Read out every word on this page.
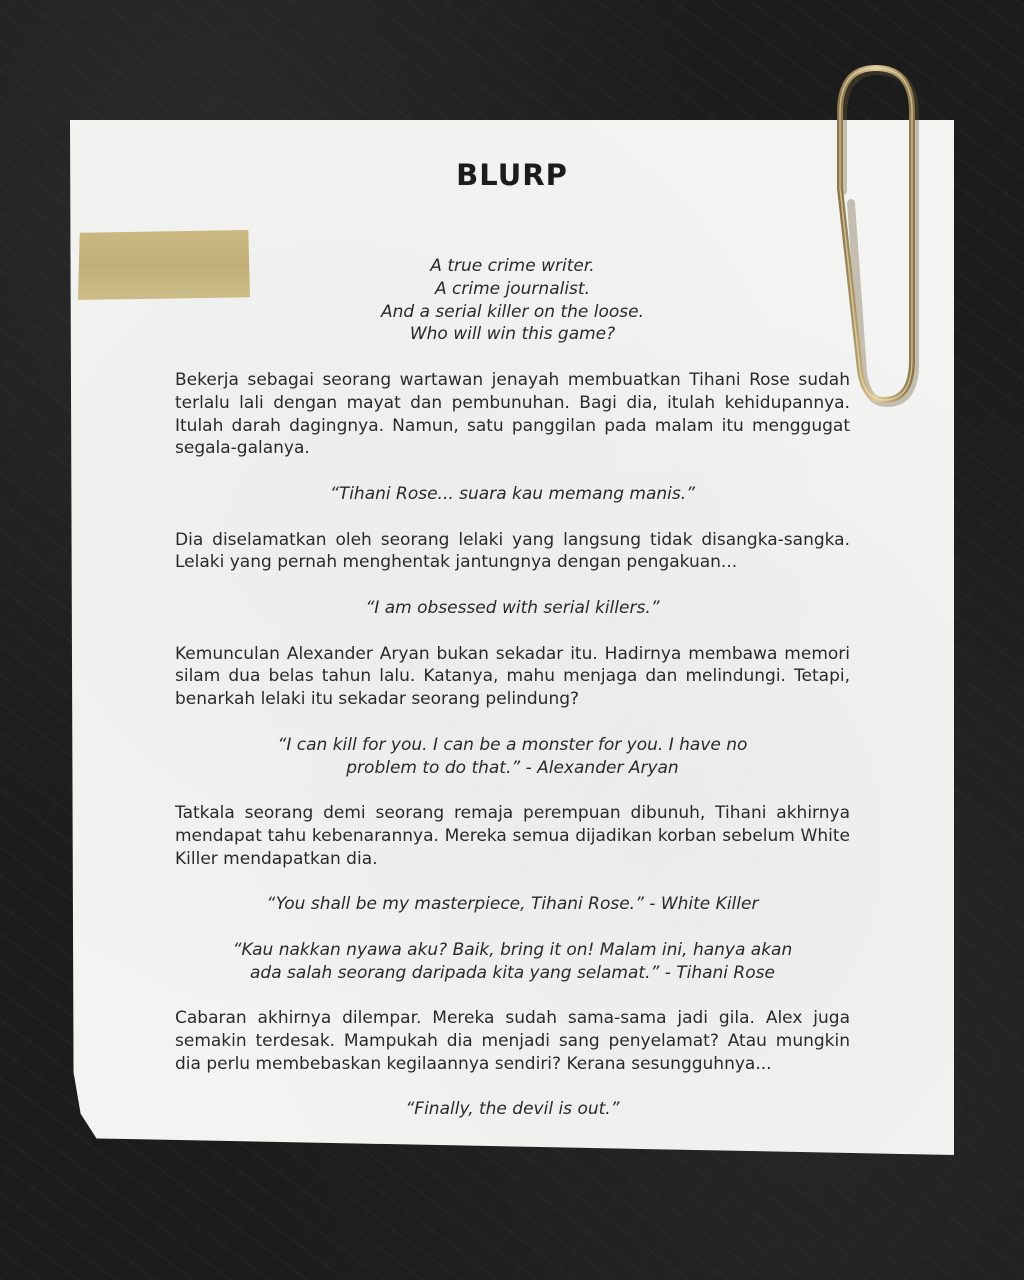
BLURP

A true crime writer.
A crime journalist.
And a serial killer on the loose.
Who will win this game?

Bekerja sebagai seorang wartawan jenayah membuatkan Tihani Rose sudah terlalu lali dengan mayat dan pembunuhan. Bagi dia, itulah kehidupannya. Itulah darah dagingnya. Namun, satu panggilan pada malam itu menggugat segala-galanya.

“Tihani Rose... suara kau memang manis.”

Dia diselamatkan oleh seorang lelaki yang langsung tidak disangka-sangka. Lelaki yang pernah menghentak jantungnya dengan pengakuan...

“I am obsessed with serial killers.”

Kemunculan Alexander Aryan bukan sekadar itu. Hadirnya membawa memori silam dua belas tahun lalu. Katanya, mahu menjaga dan melindungi. Tetapi, benarkah lelaki itu sekadar seorang pelindung?

“I can kill for you. I can be a monster for you. I have no
problem to do that.” - Alexander Aryan

Tatkala seorang demi seorang remaja perempuan dibunuh, Tihani akhirnya mendapat tahu kebenarannya. Mereka semua dijadikan korban sebelum White Killer mendapatkan dia.

“You shall be my masterpiece, Tihani Rose.” - White Killer

“Kau nakkan nyawa aku? Baik, bring it on! Malam ini, hanya akan
ada salah seorang daripada kita yang selamat.” - Tihani Rose

Cabaran akhirnya dilempar. Mereka sudah sama-sama jadi gila. Alex juga semakin terdesak. Mampukah dia menjadi sang penyelamat? Atau mungkin dia perlu membebaskan kegilaannya sendiri? Kerana sesungguhnya...

“Finally, the devil is out.”
